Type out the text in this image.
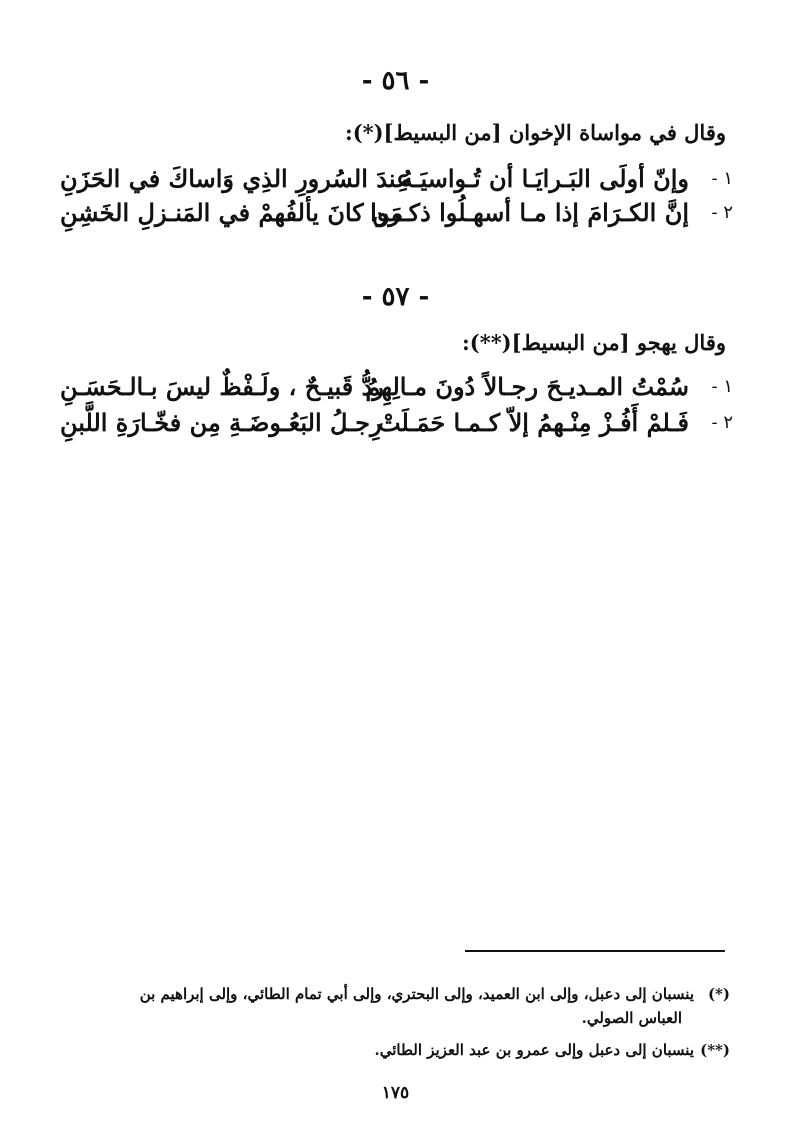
- ٥٦ -
وقال في مواساة الإخوان [من البسيط](*):
١ -
وإنّ أولَى البَـرايَـا أن تُـواسيَـهُ
عِندَ السُرورِ الذِي وَاساكَ في الحَزَنِ
٢ -
إنَّ الكـرَامَ إذا مـا أسهـلُوا ذكـروا
مَن كانَ يألفُهمْ في المَنـزلِ الخَشِنِ
- ٥٧ -
وقال يهجو [من البسيط](**):
١ -
سُمْتُ المـديـحَ رجـالاً دُونَ مـالِهِمُ
ردُّ قَبيـحٌ ، ولَـفْظٌ ليسَ بـالـحَسَـنِ
٢ -
فَـلمْ أَفُـزْ مِنْـهمُ إلاّ كـمـا حَمَـلَتْ
رِجـلُ البَعُـوضَـةِ مِن فخّـارَةِ اللَّبنِ
(*)ينسبان إلى دعبل، وإلى ابن العميد، وإلى البحتري، وإلى أبي تمام الطائي، وإلى إبراهيم بن
العباس الصولي.
(**)ينسبان إلى دعبل وإلى عمرو بن عبد العزيز الطائي.
١٧٥
